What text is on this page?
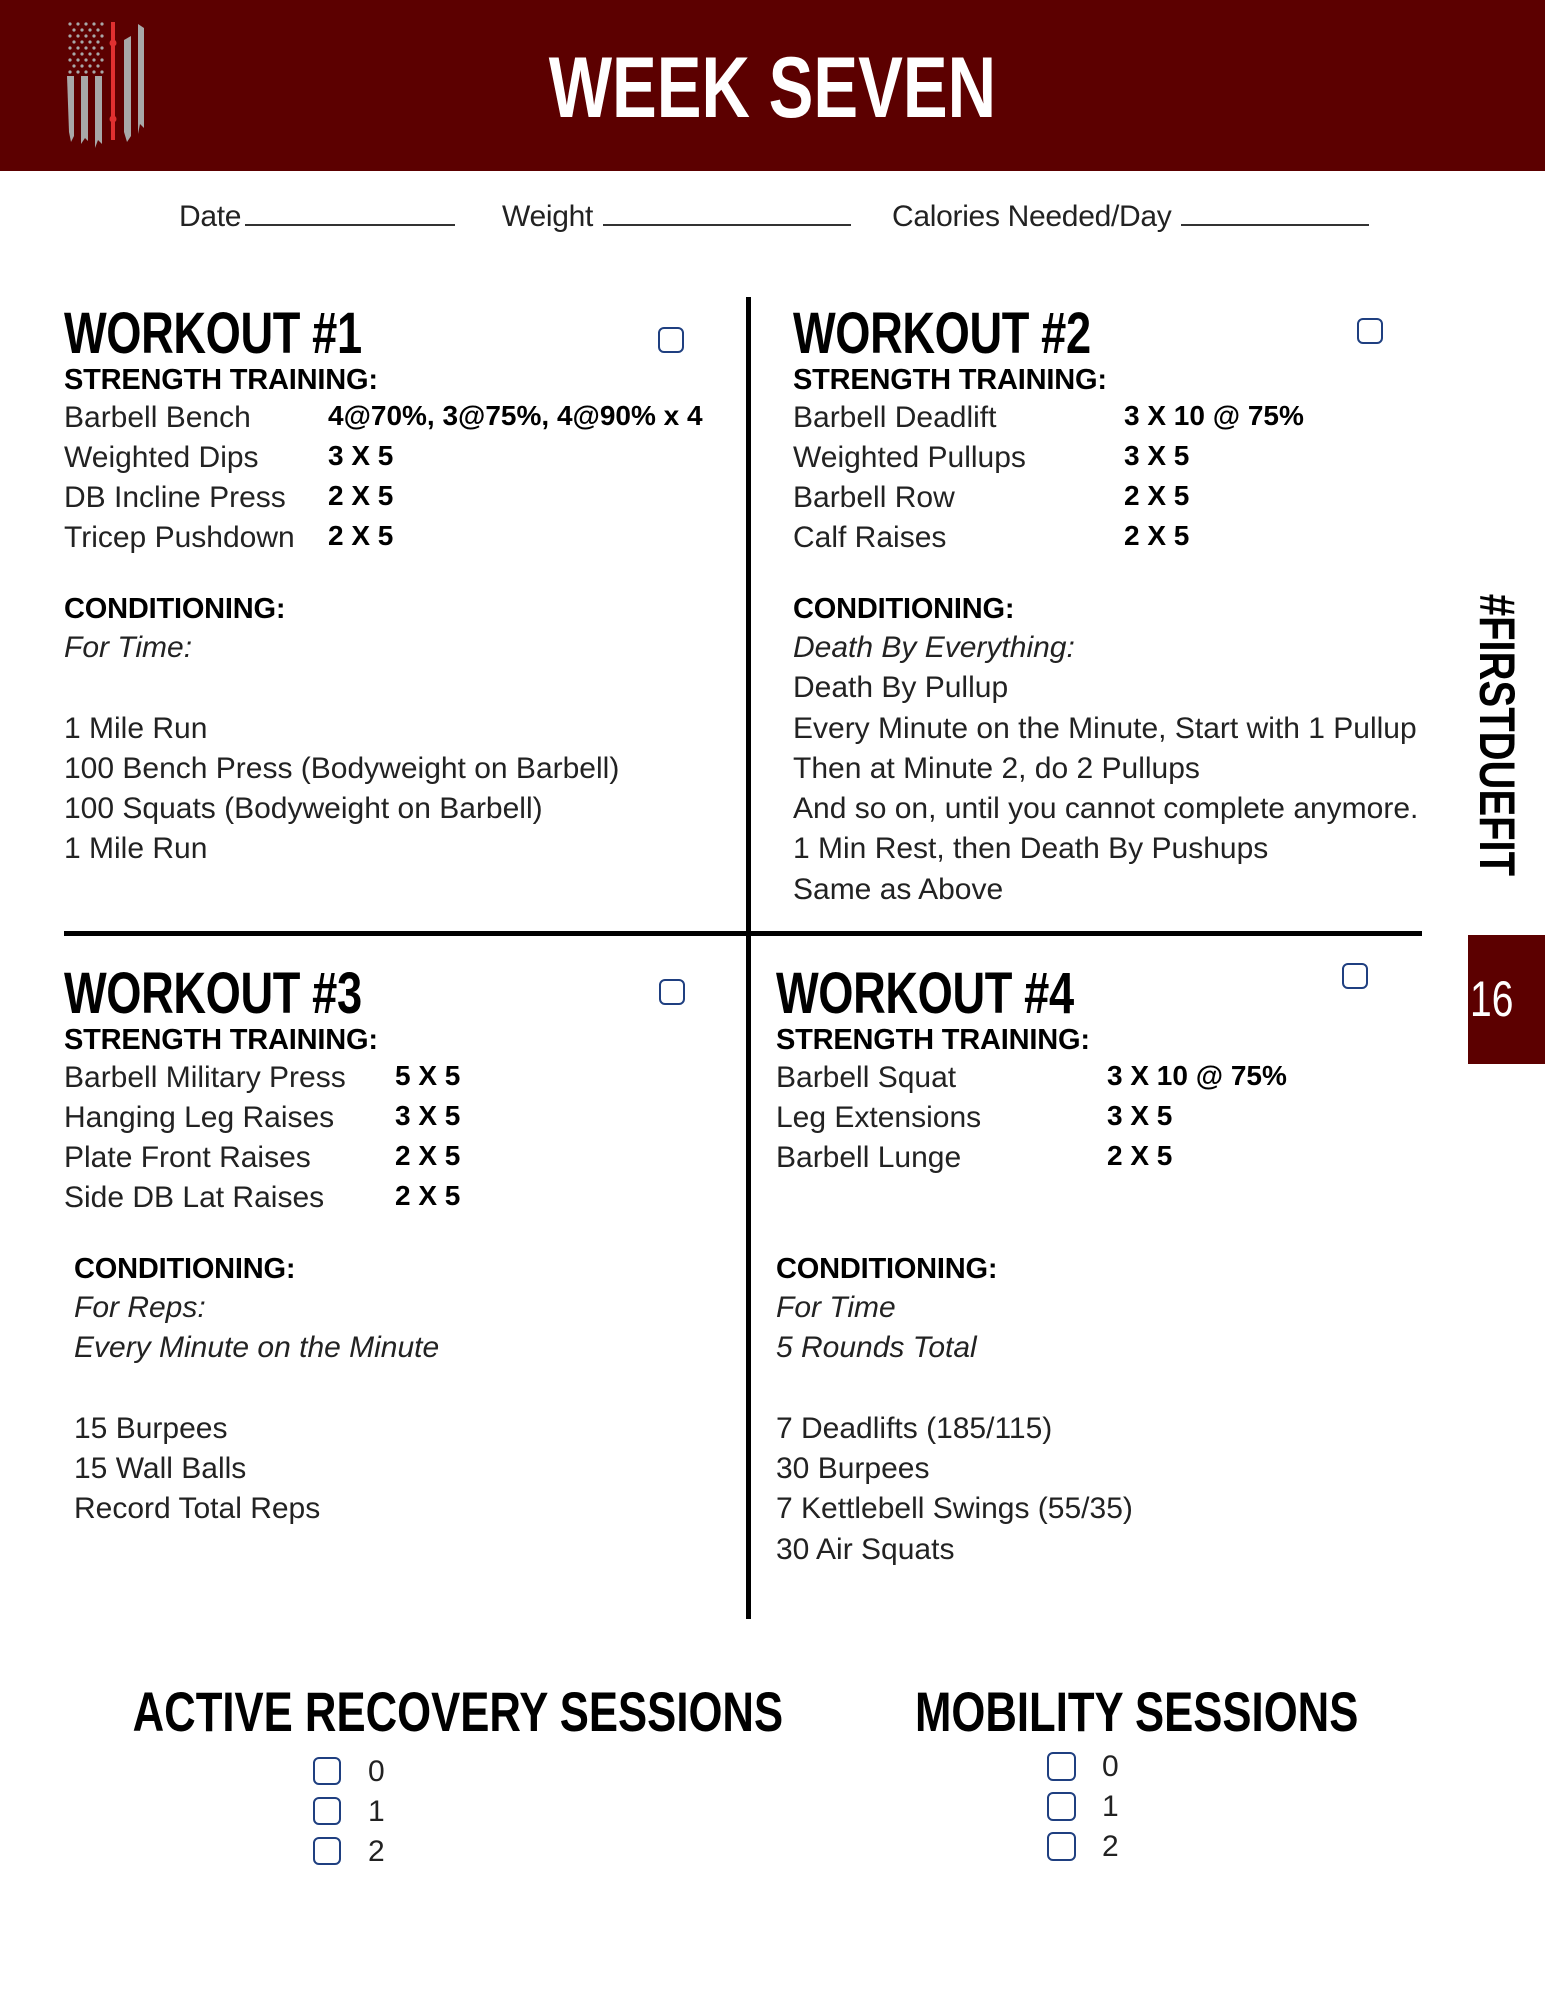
WEEK SEVEN
Date	Weight	Calories Needed/Day
WORKOUT #1
STRENGTH TRAINING:
Barbell Bench	4@70%, 3@75%, 4@90% x 4
Weighted Dips 3 X 5
DB Incline Press 2 X 5
Tricep Pushdown 2 X 5
CONDITIONING:
For Time:
1 Mile Run
100 Bench Press (Bodyweight on Barbell)
100 Squats (Bodyweight on Barbell)
1 Mile Run
WORKOUT #2
STRENGTH TRAINING:
Barbell Deadlift	3 X 10 @ 75%
Weighted Pullups	3 X 5
Barbell Row	2 X 5
Calf Raises	2 X 5
CONDITIONING:
Death By Everything:
Death By Pullup
Every Minute on the Minute, Start with 1 Pullup
Then at Minute 2, do 2 Pullups
And so on, until you cannot complete anymore.
1 Min Rest, then Death By Pushups
Same as Above
WORKOUT #3
STRENGTH TRAINING:
Barbell Military Press 5 X 5
Hanging Leg Raises 3 X 5
Plate Front Raises	2 X 5
Side DB Lat Raises	2 X 5
CONDITIONING:
For Reps:
Every Minute on the Minute
15 Burpees
15 Wall Balls
Record Total Reps
WORKOUT #4
STRENGTH TRAINING:
Barbell Squat	3 X 10 @ 75%
Leg Extensions	3 X 5
Barbell Lunge	2 X 5
CONDITIONING:
For Time
5 Rounds Total
7 Deadlifts (185/115)
30 Burpees
7 Kettlebell Swings (55/35)
30 Air Squats
#FIRSTDUEFIT
16
ACTIVE RECOVERY SESSIONS
0
1
2
MOBILITY SESSIONS
0
1
2
